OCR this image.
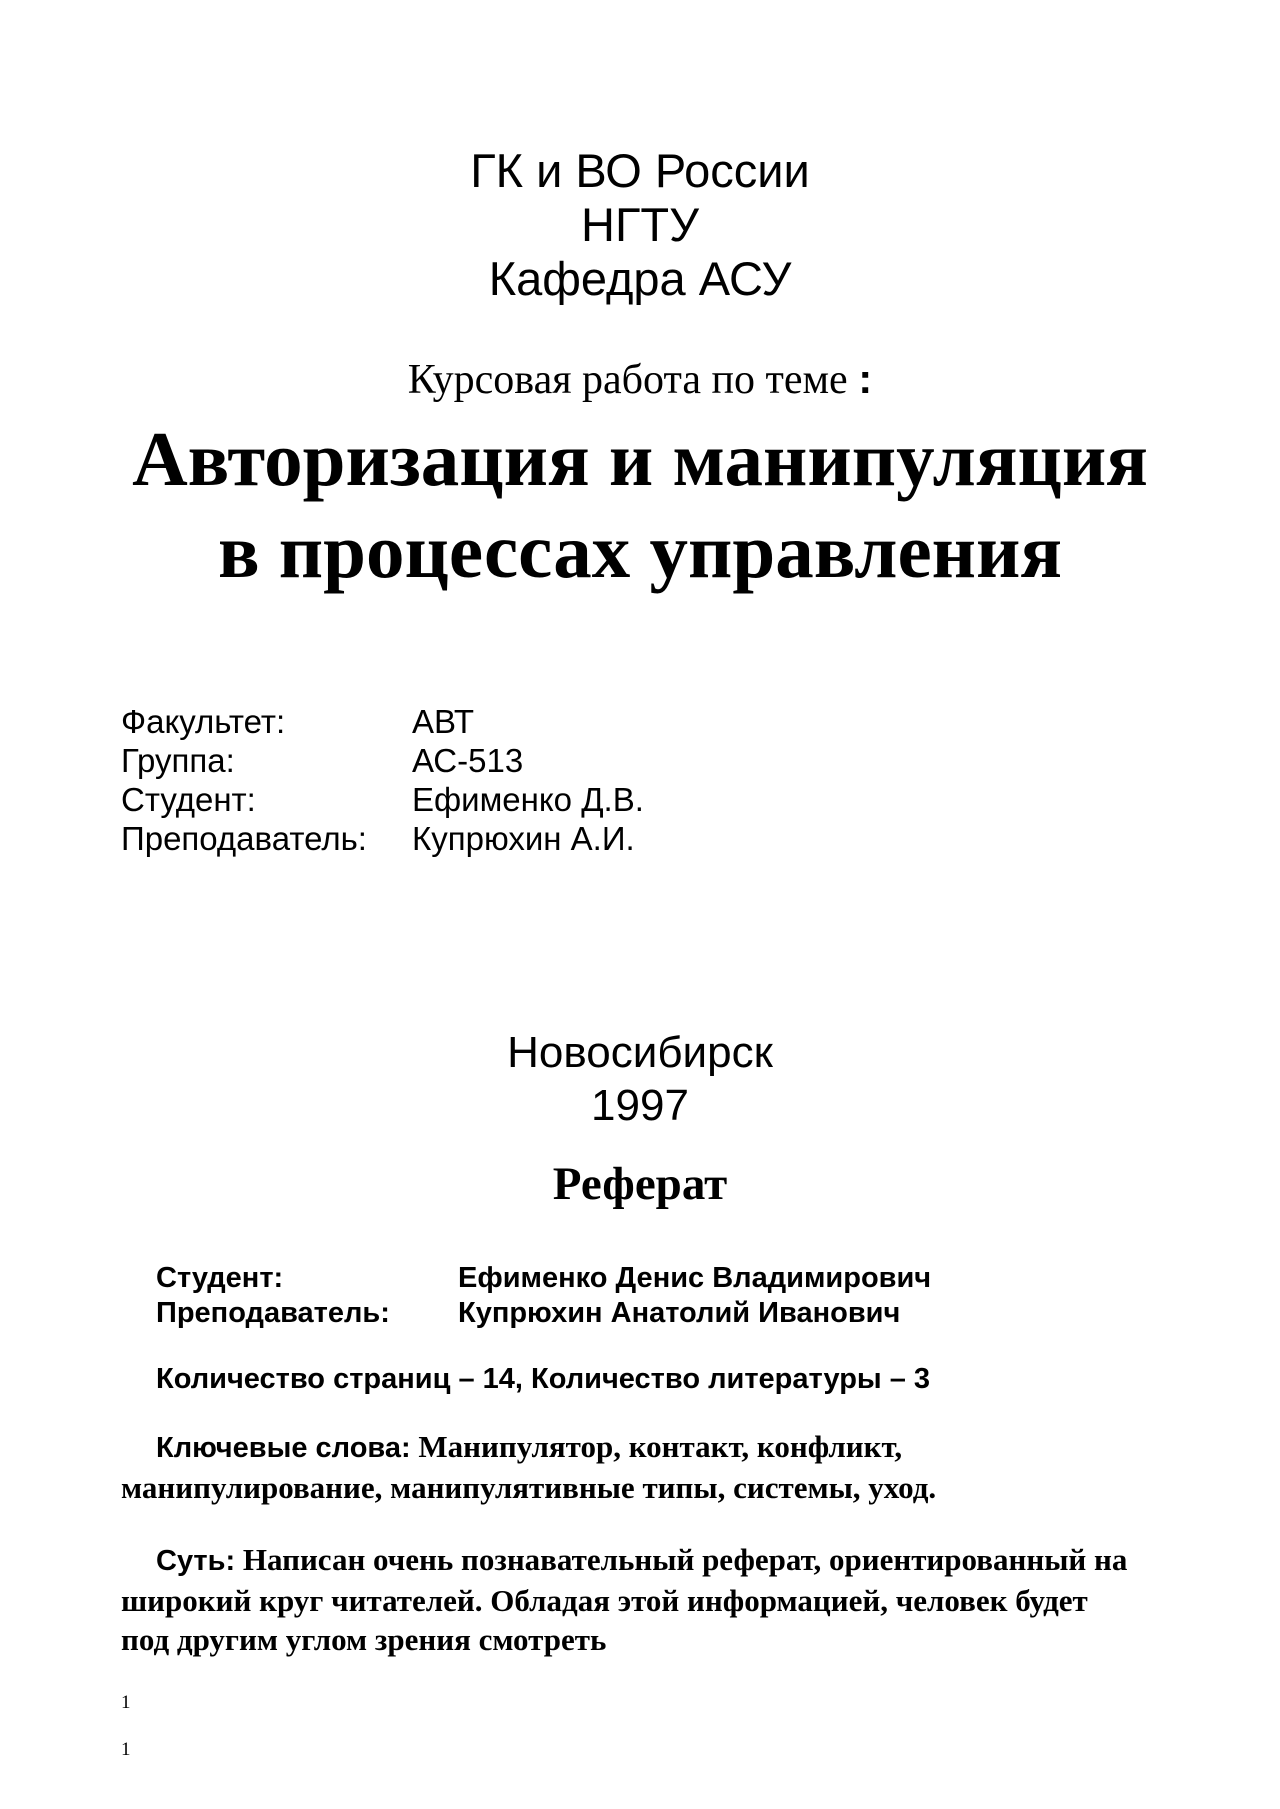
ГК и ВО России
НГТУ
Кафедра АСУ
Курсовая работа по теме :
Авторизация и манипуляция
в процессах управления
Факультет:	АВТ
Группа:	АС-513
Студент:	Ефименко Д.В.
Преподаватель: Купрюхин А.И.
Новосибирск
1997
Реферат
Студент:	Ефименко Денис Владимирович
Преподаватель: Купрюхин Анатолий Иванович
Количество страниц – 14, Количество литературы – 3
Ключевые слова: Манипулятор, контакт, конфликт, манипулирование, манипулятивные типы, системы, уход.
Суть: Написан очень познавательный реферат, ориентированный на широкий круг читателей. Обладая этой информацией, человек будет под другим углом зрения смотреть
1
1
